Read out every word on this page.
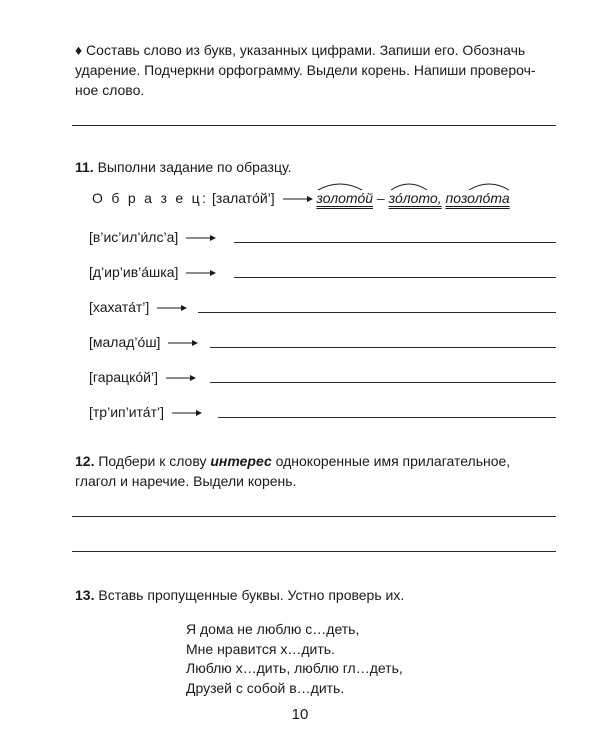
♦ Составь слово из букв, указанных цифрами. Запиши его. Обозначь
ударение. Подчеркни орфограмму. Выдели корень. Напиши провероч-
ное слово.
11. Выполни задание по образцу.
О б р а з е ц: [залато́й’]	золото́й – зо́лото, позоло́та
[в’ис’ил’и́лс’а]
[д’ир’ив’а́шка]
[хахата́т’]
[малад’о́ш]
[гарацко́й’]
[тр’ип’ита́т’]
12. Подбери к слову интерес однокоренные имя прилагательное,
глагол и наречие. Выдели корень.
13. Вставь пропущенные буквы. Устно проверь их.
Я дома не люблю с…деть,
Мне нравится х…дить.
Люблю х…дить, люблю гл…деть,
Друзей с собой в…дить.
10
